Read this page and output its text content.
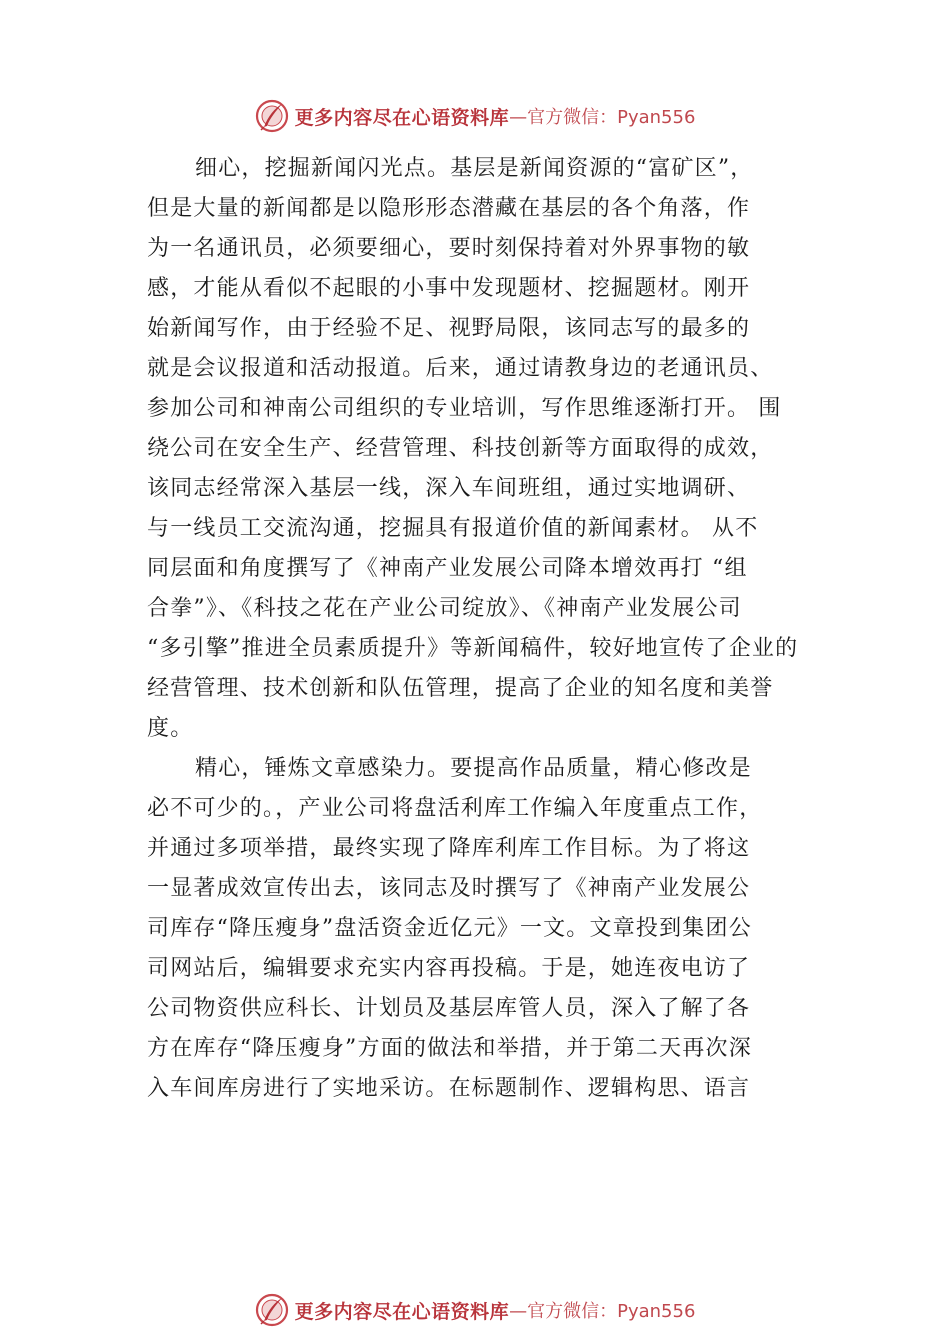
更多内容尽在心语资料库 —官方微信：Pyan556

细心，挖掘新闻闪光点。基层是新闻资源的“富矿区”，
但是大量的新闻都是以隐形形态潜藏在基层的各个角落，作
为一名通讯员，必须要细心，要时刻保持着对外界事物的敏
感，才能从看似不起眼的小事中发现题材、挖掘题材。刚开
始新闻写作，由于经验不足、视野局限，该同志写的最多的
就是会议报道和活动报道。后来，通过请教身边的老通讯员、
参加公司和神南公司组织的专业培训，写作思维逐渐打开。 围
绕公司在安全生产、经营管理、科技创新等方面取得的成效，
该同志经常深入基层一线，深入车间班组，通过实地调研、
与一线员工交流沟通，挖掘具有报道价值的新闻素材。 从不
同层面和角度撰写了《神南产业发展公司降本增效再打 “组
合拳”》、《科技之花在产业公司绽放》、《神南产业发展公司
“多引擎”推进全员素质提升》等新闻稿件，较好地宣传了企业的
经营管理、技术创新和队伍管理，提高了企业的知名度和美誉
度。

精心，锤炼文章感染力。要提高作品质量，精心修改是
必不可少的。，产业公司将盘活利库工作编入年度重点工作，
并通过多项举措，最终实现了降库利库工作目标。为了将这
一显著成效宣传出去，该同志及时撰写了《神南产业发展公
司库存“降压瘦身”盘活资金近亿元》一文。文章投到集团公
司网站后，编辑要求充实内容再投稿。于是，她连夜电访了
公司物资供应科长、计划员及基层库管人员，深入了解了各
方在库存“降压瘦身”方面的做法和举措，并于第二天再次深
入车间库房进行了实地采访。在标题制作、逻辑构思、语言

更多内容尽在心语资料库 —官方微信：Pyan556
